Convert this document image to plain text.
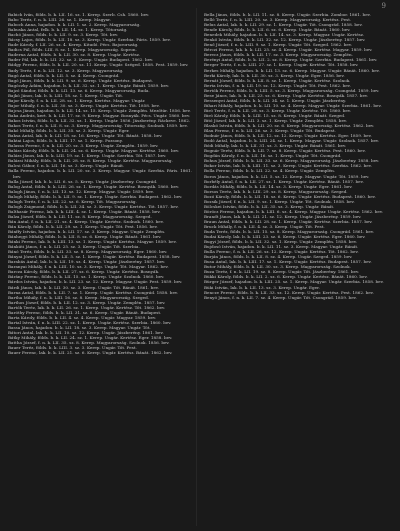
9

Babich Iván, földs. b. k. LII. 16. sz. 1. Kerep. Szerb. Csh. 1860. bev.

Babo Teréz, f. n. k. LIII. 26. sz. 1. Kerep. Magyar.

Baboch Anna, hajadon. b. k. LII. 1. sz. 2. Kerep. Magyarország.

Babuska Antal, felk. b. k. LII. 14. sz. 1. Kerep. Tótország.

Bachó János, földs. b. k. LII. 9. sz. 3. Kerep. Tót. bev.

Bácsy Lajos, földs. b. k. LII. 18. sz. 3. Kerep. Ungár. Szerbia. Páris. 1859. bev.

Bade Károly, f. LII. 26. sz. 4. Kerep. Kitudó. Pécs. Bajorország.

Badics Pál, földs. LIII. 8. sz. 1. Kerep. Magyarország. Sopron.

Baderna Antal, földs. b. k. LII. 30. sz. 8. Kerep. Ungár. Kertész.

Bader Pál, lak. b. k. LII. 32. sz. 3. Kerep. Ungár. Budapest. 1862. bev.

Bádgy Ferenc, földs. b. k. LII. 20. sz. 11. Kerep. Ungár. Széged. 1858. Pest. 1859. bev.

Bady Teréz, f. n. k. LII. 12. sz. 3. Kerep. Magyarország.

Bagó Antal, földs. b. k. LII. 5. sz. 4. Kerep. Csongrád.

Bagó János, földs. b. k. LII. 9. sz. 6. Kerep. Ungár. Kertész. Budapest.

Bagóczky Ádám, hajadon. b. k. LII. 32. sz. 1. Kerep. Ungár. Bánát. 1859. bev.

Bajzó Sándor, földs. b. k. LII. 13. sz. 6. Kerep. Magyarország. Buda.

Bajkó János, lak. b. k. LIII. 18. sz. 1. Kerep. Ungár. Tót.

Bajor Károly, f. n. k. LII. 28. sz. 1. Kerep. Kertész. Magyar. Ungár.

Bajor Mihály, f. n. k. LII. 30. sz. 3. Kerep. Ungár. Kertész. Tót. 1858. bev.

Bajcsa János, hajadon. b. k. LII. 14. sz. 15. Kerep. Ungár. Zemplén. Mezőtúr. 1856. bev.

Baka András, kert. b. k. LII. 17. sz. 9. Kerep. Magyar. Bosnyák. Pécs. Ungár. 1860. bev.

Bakos István, földs. b. k. LII. 32. sz. 1. Kerep. Ungár. 1856. Jászberény. Ráckeve. 1862.

Bakos Teréz, f. n. k. LII. 8. sz. 3. Kerep. Magyarország. Tótország. Szolnok. 1859. bev.

Bakó Mihály, földs. b. k. LII. 35. sz. 3. Kerep. Ungár. Eger.

Baksa Antal, lak. b. k. LII. 18. sz. 16. Kerep. Ungár. Tót. Bánát. 1858. bev.

Baktai Lajos, földs. b. k. LIII. 17. sz. 1. Kerep. Pozsony.

Balassa Ferenc, f. n. k. LII. 20. sz. 3. Kerep. Ungár. Zemplén. 1859. bev.

Balázs Károly, földs. b. k. LII. 24. sz. 6. Kerep. Ungár. Magyar. Kertész. 1860. bev.

Balázs János, lak. b. k. LIII. 19. sz. 1. Kerep. Ungár. Szerbia. Tót. 1857. bev.

Balázsi Mihály, földs. b. k. LII. 28. sz. 8. Kerep. Ungár. Kertész. Magyarország.

Balcsi Gábor, f. n. k. LII. 16. sz. 3. Kerep. Ungár. Bánát.

Balla Ferenc, hajadon. b. k. LII. 20. sz. 3. Kerep. Magyar. Ungár. Szerbia. Páris. 1861. bev.

Balla József, lak. b. k. LII. 6. sz. 5. Kerep. Ungár. Jászberény. Csongrád.

Balog Antal, földs. b. k. LIII. 26. sz. 1. Kerep. Ungár. Kertész. Bosnyák. 1860. bev.

Balogh János, f. n. k. LII. 13. sz. 12. Kerep. Magyar. Ungár. 1859. bev.

Balogh Mihály, földs. b. k. LII. 9. sz. 1. Kerep. Ungár. Szerbia. Budapest. 1862. bev.

Balogh Teréz, f. n. k. LII. 22. sz. 6. Kerep. Tót. Magyarország.

Balogh Zsigmond, földs. b. k. LII. 34. sz. 3. Kerep. Ungár. Kertész. Tót. 1857. bev.

Balthasár Ferenc, lak. b. k. LIII. 4. sz. 1. Kerep. Ungár. Bánát. 1858. bev.

Balza József, földs. b. k. LII. 11. sz. 8. Kerep. Magyarország. Szeged.

Bán Antal, f. n. k. LII. 21. sz. 4. Kerep. Ungár. Kertész. Szolnok. 1860. bev.

Bán Károly, földs. b. k. LII. 29. sz. 1. Kerep. Ungár. Tót. Pest. 1856. bev.

Bánffy István, hajadon. b. k. LII. 17. sz. 3. Kerep. Magyar. Ungár. Zemplén.

Bánhegyi Mihály, földs. b. k. LII. 8. sz. 6. Kerep. Ungár. Bánát. 1861. bev.

Bánki Ferenc, lak. b. k. LIII. 13. sz. 1. Kerep. Ungár. Kertész. Magyar. 1859. bev.

Bánkúti János, f. n. k. LII. 25. sz. 3. Kerep. Ungár. Tót. Szerbia.

Bánó Teréz, földs. b. k. LII. 33. sz. 8. Kerep. Magyarország. Eger. 1860. bev.

Bányai József, földs. b. k. LII. 5. sz. 1. Kerep. Ungár. Kertész. Budapest. 1858. bev.

Barabás Antal, lak. b. k. LII. 19. sz. 4. Kerep. Ungár. Jászberény. 1857. bev.

Baranyai Mihály, f. n. k. LIII. 10. sz. 3. Kerep. Ungár. Tót. Magyar. 1862. bev.

Barcza Károly, földs. b. k. LII. 27. sz. 6. Kerep. Ungár. Kertész. Bosnyák.

Bárány Ferenc, földs. b. k. LII. 15. sz. 1. Kerep. Ungár. Szolnok. 1860. bev.

Bárdos István, hajadon. b. k. LII. 23. sz. 12. Kerep. Magyar. Ungár. Pest. 1859. bev.

Bárdi János, lak. b. k. LII. 30. sz. 3. Kerep. Ungár. Tót. Bánát. 1861. bev.

Barna Antal, földs. b. k. LII. 7. sz. 1. Kerep. Ungár. Kertész. Csongrád. 1858. bev.

Bartha Mihály, f. n. k. LIII. 16. sz. 8. Kerep. Magyarország. Szeged.

Barthos József, földs. b. k. LII. 12. sz. 3. Kerep. Ungár. Zemplén. 1857. bev.

Bartók Teréz, lak. b. k. LII. 26. sz. 1. Kerep. Ungár. Kertész. Tót. 1862. bev.

Baróthy Ferenc, földs. b. k. LII. 31. sz. 6. Kerep. Ungár. Bánát. Budapest.

Barta Károly, földs. b. k. LII. 4. sz. 4. Kerep. Ungár. Magyar. 1859. bev.

Bartal István, f. n. k. LIII. 22. sz. 1. Kerep. Ungár. Kertész. Szerbia. 1860. bev.

Bassa János, hajadon. b. k. LII. 18. sz. 3. Kerep. Magyar. Ungár. Tót.

Bátori Antal, lak. b. k. LII. 10. sz. 12. Kerep. Ungár. Jászberény. 1861. bev.

Bátky Mihály, földs. b. k. LII. 24. sz. 1. Kerep. Ungár. Kertész. Eger. 1858. bev.

Battha József, f. n. k. LII. 35. sz. 8. Kerep. Magyarország. Szolnok. 1856. bev.

Bauer Teréz, földs. b. k. LIII. 3. sz. 3. Kerep. Ungár. Tót. Pest.

Bauer Ferenc, lak. b. k. LII. 21. sz. 6. Kerep. Ungár. Kertész. Bánát. 1862. bev.

Bella János, földs. b. k. LII. 11. sz. 8. Kerep. Ungár. Szerbia. Zombor. 1861. bev.

Belló Teréz, f. n. k. LIII. 20. sz. 3. Kerep. Magyarország. Kertész. Pest.

Belus Antal, lak. b. k. LII. 29. sz. 1. Kerep. Ungár. Tót. Csongrád. 1858. bev.

Bende Károly, földs. b. k. LII. 6. sz. 6. Kerep. Ungár. Bánát. 1860. bev.

Benedek Mihály, hajadon. b. k. LII. 14. sz. 3. Kerep. Magyar. Ungár. Kertész.

Benkő István, földs. b. k. LII. 32. sz. 12. Kerep. Ungár. Jászberény. 1857. bev.

Benő József, f. n. k. LIII. 9. sz. 1. Kerep. Ungár. Tót. Szeged. 1862. bev.

Bérczi Ferenc, lak. b. k. LII. 25. sz. 4. Kerep. Ungár. Kertész. Magyar. 1859. bev.

Berecz János, földs. b. k. LII. 17. sz. 3. Kerep. Magyarország. Zemplén.

Berényi Antal, földs. b. k. LII. 2. sz. 8. Kerep. Ungár. Szerbia. Budapest. 1861. bev.

Berger Teréz, f. n. k. LIII. 27. sz. 1. Kerep. Ungár. Kertész. Tót. 1858. bev.

Berkes Mihály, hajadon. b. k. LII. 13. sz. 6. Kerep. Magyar. Ungár. Bánát. 1860. bev.

Berki Károly, lak. b. k. LII. 30. sz. 3. Kerep. Ungár. Eger. 1856. bev.

Bernát József, földs. b. k. LII. 8. sz. 1. Kerep. Ungár. Kertész. Szolnok.

Berta István, f. n. k. LII. 19. sz. 12. Kerep. Ungár. Tót. Pest. 1862. bev.

Bertók Ferenc, földs. b. k. LIII. 5. sz. 3. Kerep. Magyarország. Csongrád. 1859. bev.

Bese János, lak. b. k. LII. 23. sz. 6. Kerep. Ungár. Kertész. Bosnyák. 1857. bev.

Bessenyei Antal, földs. b. k. LII. 34. sz. 1. Kerep. Ungár. Jászberény.

Bihari Mihály, hajadon. b. k. LII. 10. sz. 4. Kerep. Magyar. Ungár. Szerbia. 1861. bev.

Biró Teréz, f. n. k. LII. 28. sz. 3. Kerep. Ungár. Kertész. Tót. 1860. bev.

Biró Károly, földs. b. k. LIII. 15. sz. 8. Kerep. Ungár. Bánát. Szeged.

Bitó József, lak. b. k. LII. 3. sz. 1. Kerep. Ungár. Zemplén. 1858. bev.

Blaskó István, földs. b. k. LII. 20. sz. 6. Kerep. Magyarország. Kertész. 1862. bev.

Blau Ferenc, f. n. k. LII. 26. sz. 3. Kerep. Ungár. Tót. Budapest.

Bodnár János, földs. b. k. LII. 12. sz. 12. Kerep. Ungár. Kertész. Eger. 1859. bev.

Bodó Antal, hajadon. b. k. LIII. 24. sz. 1. Kerep. Magyar. Ungár. Szolnok. 1857. bev.

Bódi Mihály, lak. b. k. LII. 31. sz. 3. Kerep. Ungár. Bánát. 1861. bev.

Bognár Teréz, földs. b. k. LII. 7. sz. 8. Kerep. Ungár. Kertész. Pest. 1860. bev.

Bogdán Károly, f. n. k. LII. 16. sz. 1. Kerep. Ungár. Tót. Csongrád.

Bohus József, földs. b. k. LII. 33. sz. 6. Kerep. Magyarország. Jászberény. 1858. bev.

Bokor István, lak. b. k. LIII. 11. sz. 3. Kerep. Ungár. Kertész. Szerbia. 1862. bev.

Bolla Ferenc, földs. b. k. LII. 22. sz. 4. Kerep. Ungár. Zemplén.

Boros János, hajadon. b. k. LII. 5. sz. 12. Kerep. Magyar. Ungár. Tót. 1859. bev.

Borbély Antal, f. n. k. LII. 27. sz. 1. Kerep. Ungár. Kertész. Bánát. 1857. bev.

Bordás Mihály, földs. b. k. LII. 14. sz. 3. Kerep. Ungár. Eger. 1861. bev.

Borsos Teréz, lak. b. k. LIII. 29. sz. 8. Kerep. Magyarország. Szeged.

Bozó Károly, földs. b. k. LII. 18. sz. 6. Kerep. Ungár. Kertész. Budapest. 1860. bev.

Bozsik József, f. n. k. LII. 9. sz. 1. Kerep. Ungár. Tót. Szolnok. 1858. bev.

Bölcskei István, földs. b. k. LII. 35. sz. 3. Kerep. Ungár. Bánát.

Böröcz Ferenc, hajadon. b. k. LIII. 6. sz. 4. Kerep. Magyar. Ungár. Kertész. 1862. bev.

Brandt János, lak. b. k. LII. 21. sz. 12. Kerep. Ungár. Jászberény. 1859. bev.

Braun Antal, földs. b. k. LII. 28. sz. 1. Kerep. Ungár. Kertész. Szerbia. 1857. bev.

Bruck Mihály, f. n. k. LII. 4. sz. 3. Kerep. Ungár. Tót. Pest.

Buda Teréz, földs. b. k. LII. 15. sz. 8. Kerep. Magyarország. Csongrád. 1861. bev.

Budai Károly, lak. b. k. LIII. 23. sz. 6. Kerep. Ungár. Kertész. Eger. 1860. bev.

Bugyi József, földs. b. k. LII. 32. sz. 1. Kerep. Ungár. Zemplén. 1858. bev.

Bujdosó István, hajadon. b. k. LII. 11. sz. 3. Kerep. Magyar. Ungár. Bánát.

Bulla Ferenc, f. n. k. LII. 26. sz. 12. Kerep. Ungár. Kertész. Tót. 1862. bev.

Burján János, földs. b. k. LII. 8. sz. 4. Kerep. Ungár. Szeged. 1859. bev.

Busa Antal, lak. b. k. LIII. 17. sz. 1. Kerep. Ungár. Kertész. Budapest. 1857. bev.

Butor Mihály, földs. b. k. LII. 30. sz. 3. Kerep. Magyarország. Szolnok.

Buza Teréz, f. n. k. LII. 19. sz. 8. Kerep. Ungár. Tót. Jászberény. 1861. bev.

Bükki Károly, földs. b. k. LII. 2. sz. 6. Kerep. Ungár. Kertész. Bánát. 1860. bev.

Bürger József, hajadon. b. k. LIII. 25. sz. 1. Kerep. Magyar. Ungár. Szerbia. 1858. bev.

Büki István, lak. b. k. LII. 13. sz. 3. Kerep. Ungár. Eger.

Bencze Ferenc, földs. b. k. LII. 33. sz. 12. Kerep. Ungár. Kertész. Pest. 1862. bev.

Benyó János, f. n. k. LII. 7. sz. 4. Kerep. Ungár. Tót. Csongrád. 1859. bev.
